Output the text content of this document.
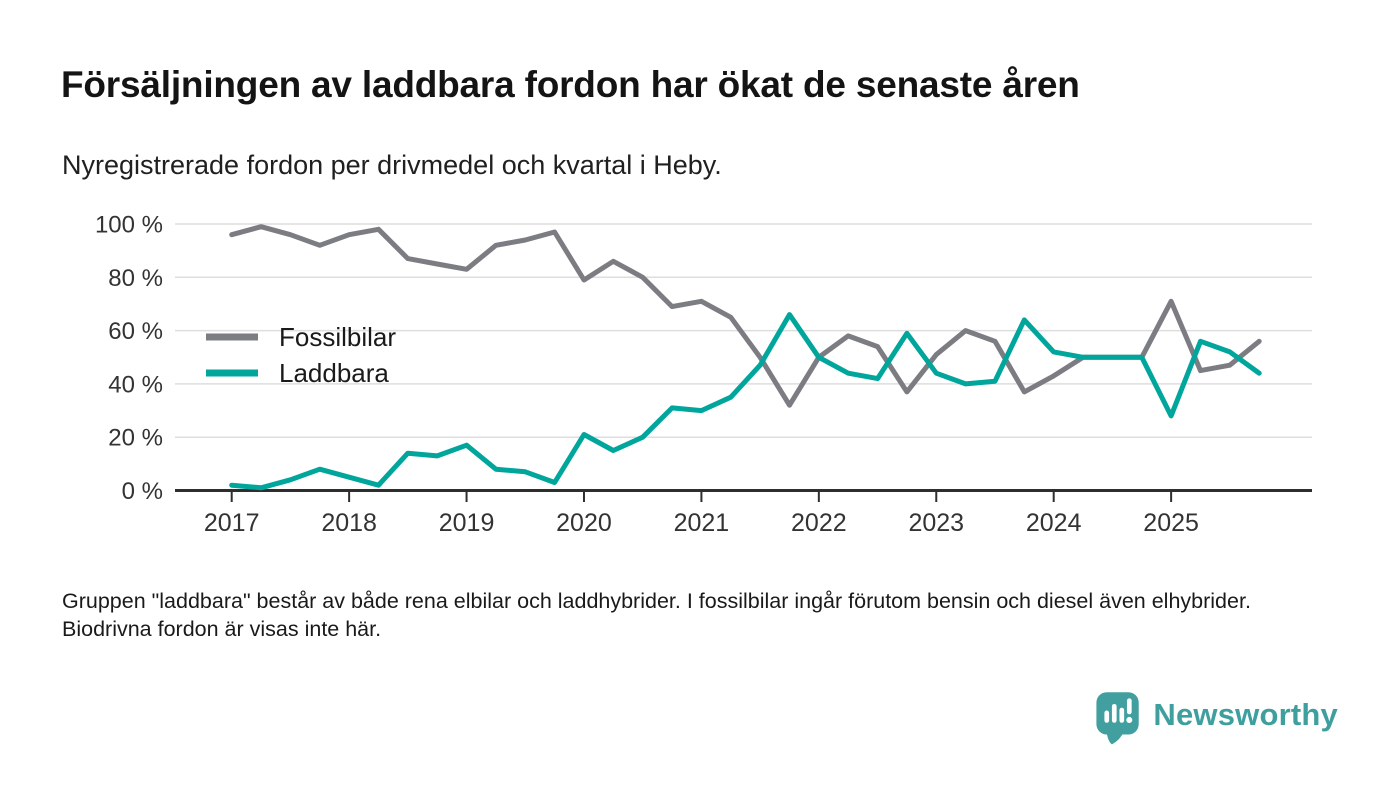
Försäljningen av laddbara fordon har ökat de senaste åren
Nyregistrerade fordon per drivmedel och kvartal i Heby.
0 %
20 %
40 %
60 %
80 %
100 %
2017 2018 2019 2020 2021 2022 2023 2024 2025
Fossilbilar
Laddbara

Gruppen "laddbara" består av både rena elbilar och laddhybrider. I fossilbilar ingår förutom bensin och diesel även elhybrider. Biodrivna fordon är visas inte här.

Newsworthy
